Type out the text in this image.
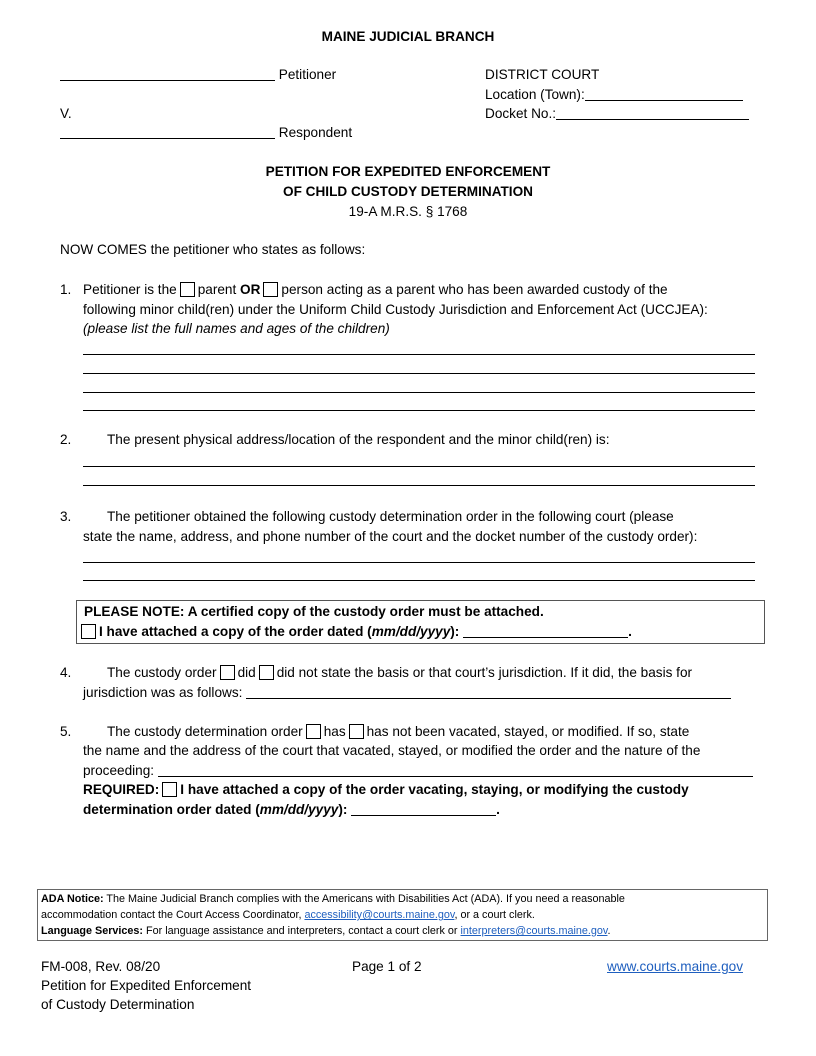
MAINE JUDICIAL BRANCH
Petitioner	DISTRICT COURT
Location (Town):
V.	Docket No.:
Respondent
PETITION FOR EXPEDITED ENFORCEMENT
OF CHILD CUSTODY DETERMINATION
19-A M.R.S. § 1768
NOW COMES the petitioner who states as follows:
1. Petitioner is the parent OR person acting as a parent who has been awarded custody of the
following minor child(ren) under the Uniform Child Custody Jurisdiction and Enforcement Act (UCCJEA):
(please list the full names and ages of the children)
2.	The present physical address/location of the respondent and the minor child(ren) is:
3.	The petitioner obtained the following custody determination order in the following court (please
state the name, address, and phone number of the court and the docket number of the custody order):
PLEASE NOTE: A certified copy of the custody order must be attached.
I have attached a copy of the order dated (mm/dd/yyyy):	.
4.	The custody order did did not state the basis or that court’s jurisdiction. If it did, the basis for
jurisdiction was as follows:
5.	The custody determination order has has not been vacated, stayed, or modified. If so, state
the name and the address of the court that vacated, stayed, or modified the order and the nature of the
proceeding:
REQUIRED: I have attached a copy of the order vacating, staying, or modifying the custody
determination order dated (mm/dd/yyyy):	.
ADA Notice: The Maine Judicial Branch complies with the Americans with Disabilities Act (ADA). If you need a reasonable
accommodation contact the Court Access Coordinator, accessibility@courts.maine.gov, or a court clerk.
Language Services: For language assistance and interpreters, contact a court clerk or interpreters@courts.maine.gov.
FM-008, Rev. 08/20
Petition for Expedited Enforcement
of Custody Determination
Page 1 of 2	www.courts.maine.gov
